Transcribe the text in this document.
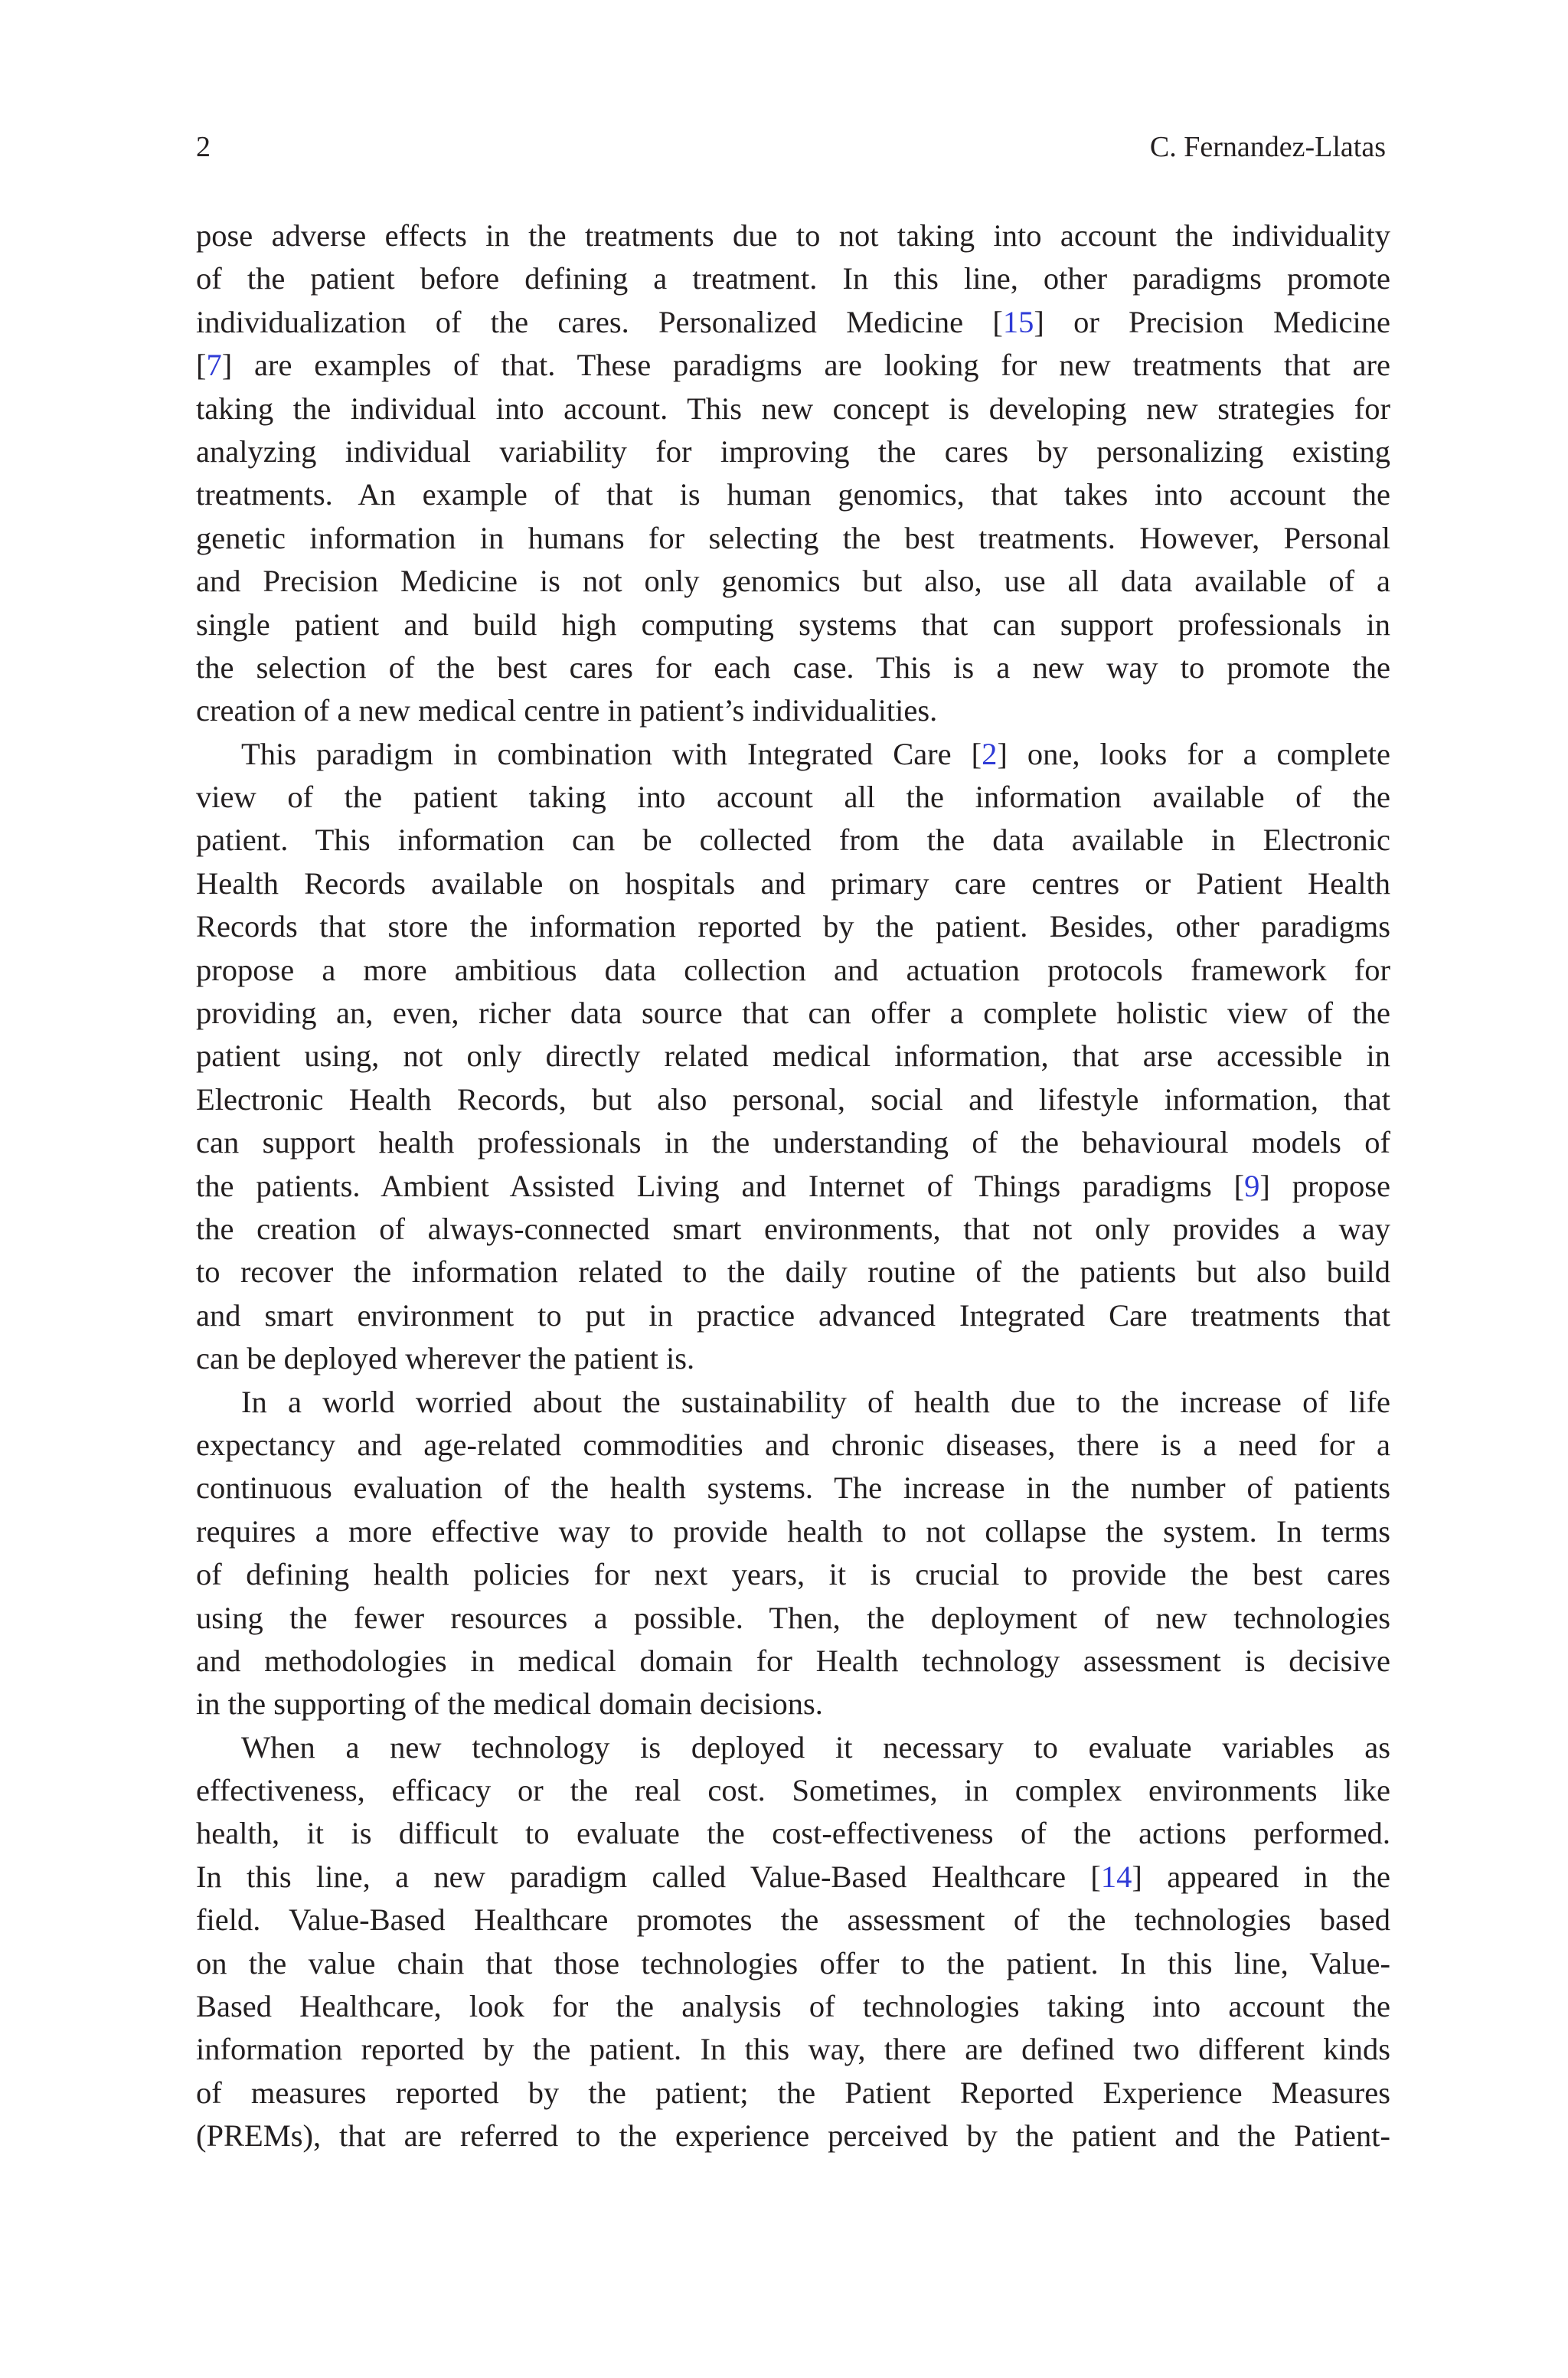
2	C. Fernandez-Llatas
pose adverse effects in the treatments due to not taking into account the individuality
of the patient before defining a treatment. In this line, other paradigms promote
individualization of the cares. Personalized Medicine [15] or Precision Medicine
[7] are examples of that. These paradigms are looking for new treatments that are
taking the individual into account. This new concept is developing new strategies for
analyzing individual variability for improving the cares by personalizing existing
treatments. An example of that is human genomics, that takes into account the
genetic information in humans for selecting the best treatments. However, Personal
and Precision Medicine is not only genomics but also, use all data available of a
single patient and build high computing systems that can support professionals in
the selection of the best cares for each case. This is a new way to promote the
creation of a new medical centre in patient’s individualities.
This paradigm in combination with Integrated Care [2] one, looks for a complete
view of the patient taking into account all the information available of the
patient. This information can be collected from the data available in Electronic
Health Records available on hospitals and primary care centres or Patient Health
Records that store the information reported by the patient. Besides, other paradigms
propose a more ambitious data collection and actuation protocols framework for
providing an, even, richer data source that can offer a complete holistic view of the
patient using, not only directly related medical information, that arse accessible in
Electronic Health Records, but also personal, social and lifestyle information, that
can support health professionals in the understanding of the behavioural models of
the patients. Ambient Assisted Living and Internet of Things paradigms [9] propose
the creation of always-connected smart environments, that not only provides a way
to recover the information related to the daily routine of the patients but also build
and smart environment to put in practice advanced Integrated Care treatments that
can be deployed wherever the patient is.
In a world worried about the sustainability of health due to the increase of life
expectancy and age-related commodities and chronic diseases, there is a need for a
continuous evaluation of the health systems. The increase in the number of patients
requires a more effective way to provide health to not collapse the system. In terms
of defining health policies for next years, it is crucial to provide the best cares
using the fewer resources a possible. Then, the deployment of new technologies
and methodologies in medical domain for Health technology assessment is decisive
in the supporting of the medical domain decisions.
When a new technology is deployed it necessary to evaluate variables as
effectiveness, efficacy or the real cost. Sometimes, in complex environments like
health, it is difficult to evaluate the cost-effectiveness of the actions performed.
In this line, a new paradigm called Value-Based Healthcare [14] appeared in the
field. Value-Based Healthcare promotes the assessment of the technologies based
on the value chain that those technologies offer to the patient. In this line, Value-
Based Healthcare, look for the analysis of technologies taking into account the
information reported by the patient. In this way, there are defined two different kinds
of measures reported by the patient; the Patient Reported Experience Measures
(PREMs), that are referred to the experience perceived by the patient and the Patient-
